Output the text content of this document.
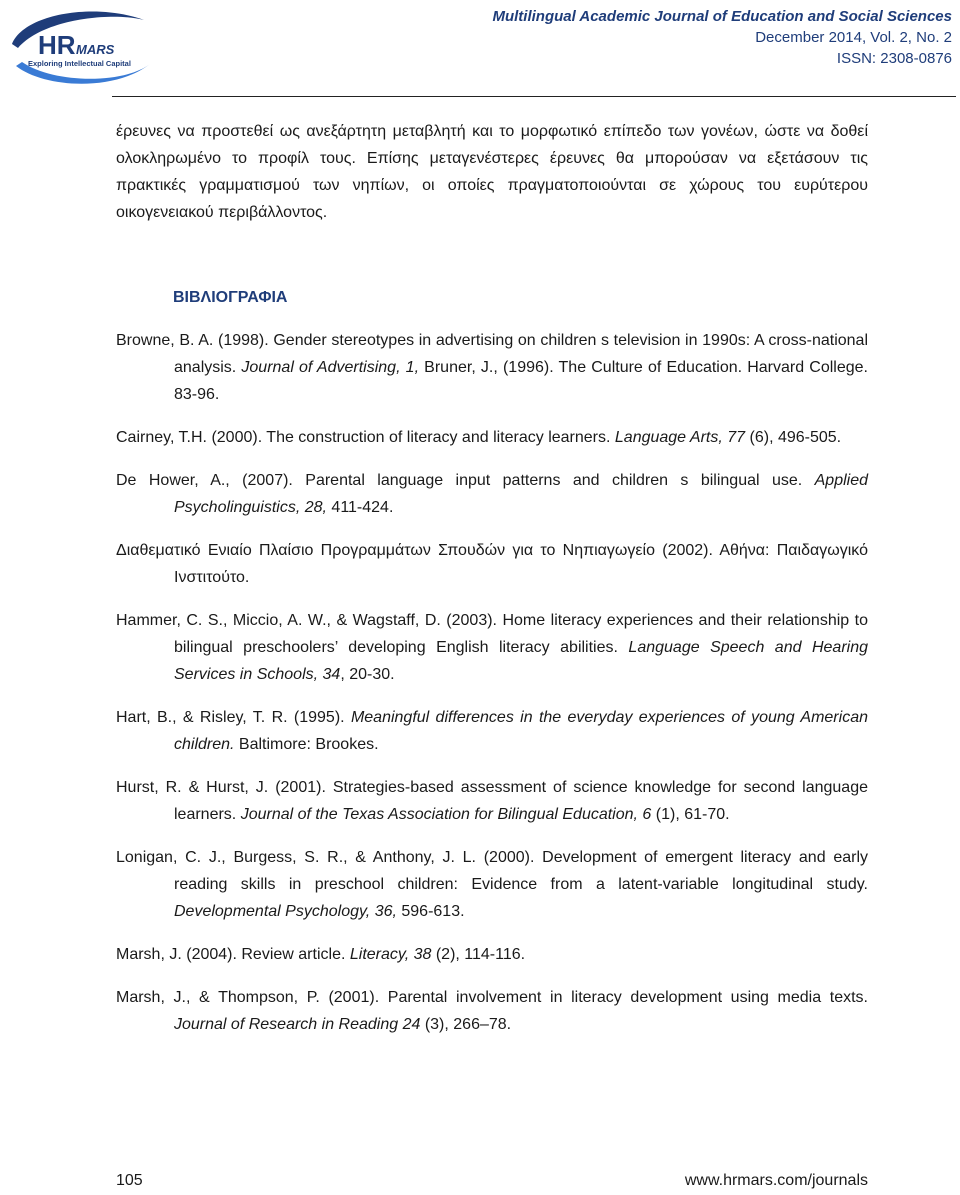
HR MARS
Exploring Intellectual Capital
Multilingual Academic Journal of Education and Social Sciences
December 2014, Vol. 2, No. 2
ISSN: 2308-0876

έρευνες να προστεθεί ως ανεξάρτητη μεταβλητή και το μορφωτικό επίπεδο των γονέων, ώστε να δοθεί ολοκληρωμένο το προφίλ τους. Επίσης μεταγενέστερες έρευνες θα μπορούσαν να εξετάσουν τις πρακτικές γραμματισμού των νηπίων, οι οποίες πραγματοποιούνται σε χώρους του ευρύτερου οικογενειακού περιβάλλοντος.

ΒΙΒΛΙΟΓΡΑΦΙΑ

Browne, B. A. (1998). Gender stereotypes in advertising on children s television in 1990s: A cross-national analysis. Journal of Advertising, 1, Bruner, J., (1996). The Culture of Education. Harvard College. 83-96.

Cairney, T.H. (2000). The construction of literacy and literacy learners. Language Arts, 77 (6), 496-505.

De Hower, A., (2007). Parental language input patterns and children s bilingual use. Applied Psycholinguistics, 28, 411-424.

Διαθεματικό Ενιαίο Πλαίσιο Προγραμμάτων Σπουδών για το Νηπιαγωγείο (2002). Αθήνα: Παιδαγωγικό Ινστιτούτο.

Hammer, C. S., Miccio, A. W., & Wagstaff, D. (2003). Home literacy experiences and their relationship to bilingual preschoolers’ developing English literacy abilities. Language Speech and Hearing Services in Schools, 34, 20-30.

Hart, B., & Risley, T. R. (1995). Meaningful differences in the everyday experiences of young American children. Baltimore: Brookes.

Hurst, R. & Hurst, J. (2001). Strategies-based assessment of science knowledge for second language learners. Journal of the Texas Association for Bilingual Education, 6 (1), 61-70.

Lonigan, C. J., Burgess, S. R., & Anthony, J. L. (2000). Development of emergent literacy and early reading skills in preschool children: Evidence from a latent-variable longitudinal study. Developmental Psychology, 36, 596-613.

Marsh, J. (2004). Review article. Literacy, 38 (2), 114-116.

Marsh, J., & Thompson, P. (2001). Parental involvement in literacy development using media texts. Journal of Research in Reading 24 (3), 266–78.

105	www.hrmars.com/journals
